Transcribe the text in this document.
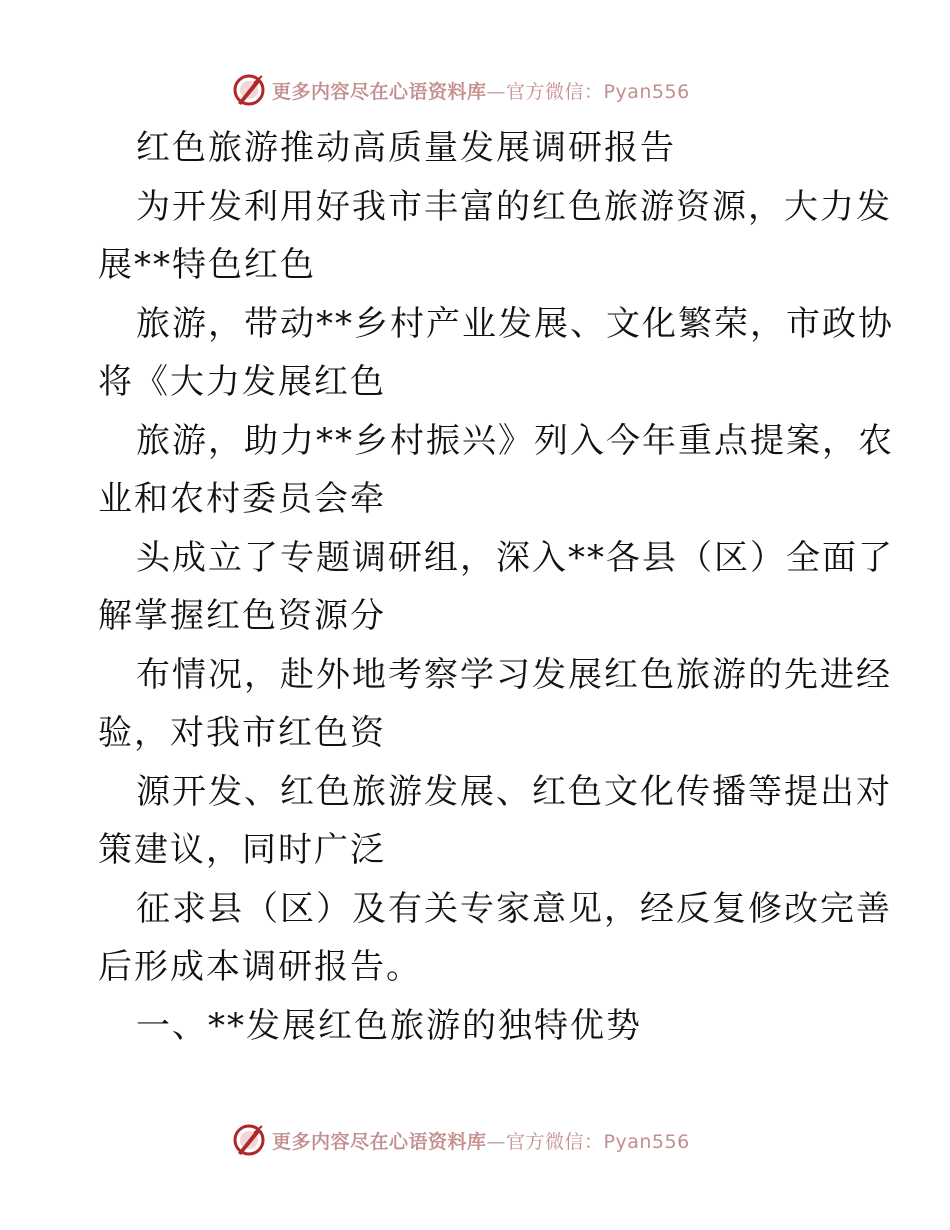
更多内容尽在心语资料库—官方微信：Pyan556
红色旅游推动高质量发展调研报告
为开发利用好我市丰富的红色旅游资源，大力发
展**特色红色
旅游，带动**乡村产业发展、文化繁荣，市政协
将《大力发展红色
旅游，助力**乡村振兴》列入今年重点提案，农
业和农村委员会牵
头成立了专题调研组，深入**各县（区）全面了
解掌握红色资源分
布情况，赴外地考察学习发展红色旅游的先进经
验，对我市红色资
源开发、红色旅游发展、红色文化传播等提出对
策建议，同时广泛
征求县（区）及有关专家意见，经反复修改完善
后形成本调研报告。
一、**发展红色旅游的独特优势
更多内容尽在心语资料库—官方微信：Pyan556
